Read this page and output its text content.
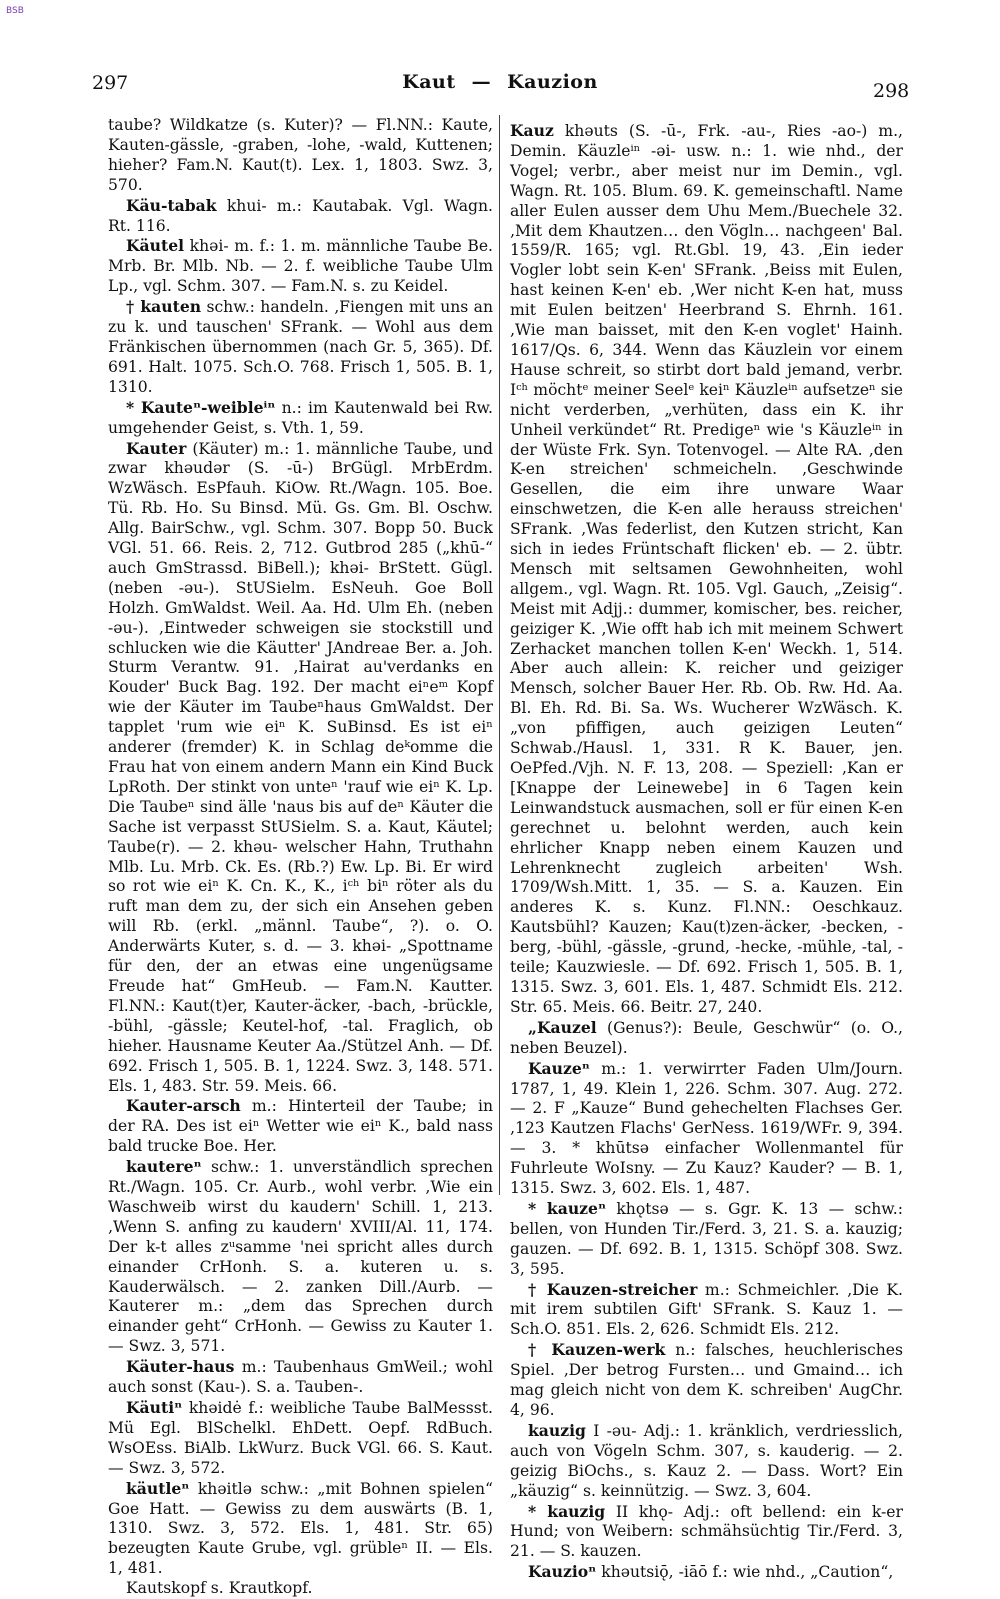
BSB
297	Kaut — Kauzion	298
taube? Wildkatze (s. Kuter)? — Fl.NN.: Kaute, Kauten-gässle, -graben, -lohe, -wald, Kuttenen; hieher? Fam.N. Kaut(t). Lex. 1, 1803. Swz. 3, 570.
Käu-tabak khui- m.: Kautabak. Vgl. Wagn. Rt. 116.
Käutel khəi- m. f.: 1. m. männliche Taube Be. Mrb. Br. Mlb. Nb. — 2. f. weibliche Taube Ulm Lp., vgl. Schm. 307. — Fam.N. s. zu Keidel.
† kauten schw.: handeln. ‚Fiengen mit uns an zu k. und tauschen' SFrank. — Wohl aus dem Fränkischen übernommen (nach Gr. 5, 365). Df. 691. Halt. 1075. Sch.O. 768. Frisch 1, 505. B. 1, 1310.
* Kauteⁿ-weibleⁱⁿ n.: im Kautenwald bei Rw. umgehender Geist, s. Vth. 1, 59.
Kauter (Käuter) m.: 1. männliche Taube, und zwar khəudər (S. -ū-) BrGügl. MrbErdm. WzWäsch. EsPfauh. KiOw. Rt./Wagn. 105. Boe. Tü. Rb. Ho. Su Binsd. Mü. Gs. Gm. Bl. Oschw. Allg. BairSchw., vgl. Schm. 307. Bopp 50. Buck VGl. 51. 66. Reis. 2, 712. Gutbrod 285 („khū-“ auch GmStrassd. BiBell.); khəi- BrStett. Gügl. (neben -əu-). StUSielm. EsNeuh. Goe Boll Holzh. GmWaldst. Weil. Aa. Hd. Ulm Eh. (neben -əu-). ‚Eintweder schweigen sie stockstill und schlucken wie die Käutter' JAndreae Ber. a. Joh. Sturm Verantw. 91. ‚Hairat au'verdanks en Kouder' Buck Bag. 192. Der macht eiⁿeᵐ Kopf wie der Käuter im Taubeⁿhaus GmWaldst. Der tapplet 'rum wie eiⁿ K. SuBinsd. Es ist eiⁿ anderer (fremder) K. in Schlag deᵏomme die Frau hat von einem andern Mann ein Kind Buck LpRoth. Der stinkt von unteⁿ 'rauf wie eiⁿ K. Lp. Die Taubeⁿ sind älle 'naus bis auf deⁿ Käuter die Sache ist verpasst StUSielm. S. a. Kaut, Käutel; Taube(r). — 2. khəu- welscher Hahn, Truthahn Mlb. Lu. Mrb. Ck. Es. (Rb.?) Ew. Lp. Bi. Er wird so rot wie eiⁿ K. Cn. K., K., iᶜʰ biⁿ röter als du ruft man dem zu, der sich ein Ansehen geben will Rb. (erkl. „männl. Taube“, ?). o. O. Anderwärts Kuter, s. d. — 3. khəi- „Spottname für den, der an etwas eine ungenügsame Freude hat“ GmHeub. — Fam.N. Kautter. Fl.NN.: Kaut(t)er, Kauter-äcker, -bach, -brückle, -bühl, -gässle; Keutel-hof, -tal. Fraglich, ob hieher. Hausname Keuter Aa./Stützel Anh. — Df. 692. Frisch 1, 505. B. 1, 1224. Swz. 3, 148. 571. Els. 1, 483. Str. 59. Meis. 66.
Kauter-arsch m.: Hinterteil der Taube; in der RA. Des ist eiⁿ Wetter wie eiⁿ K., bald nass bald trucke Boe. Her.
kautereⁿ schw.: 1. unverständlich sprechen Rt./Wagn. 105. Cr. Aurb., wohl verbr. ‚Wie ein Waschweib wirst du kaudern' Schill. 1, 213. ‚Wenn S. anfing zu kaudern' XVIII/Al. 11, 174. Der k-t alles zᵘsamme 'nei spricht alles durch einander CrHonh. S. a. kuteren u. s. Kauderwälsch. — 2. zanken Dill./Aurb. — Kauterer m.: „dem das Sprechen durch einander geht“ CrHonh. — Gewiss zu Kauter 1. — Swz. 3, 571.
Käuter-haus m.: Taubenhaus GmWeil.; wohl auch sonst (Kau-). S. a. Tauben-.
Käutiⁿ khəidė f.: weibliche Taube BalMessst. Mü Egl. BlSchelkl. EhDett. Oepf. RdBuch. WsOEss. BiAlb. LkWurz. Buck VGl. 66. S. Kaut. — Swz. 3, 572.
käutleⁿ khəitlə schw.: „mit Bohnen spielen“ Goe Hatt. — Gewiss zu dem auswärts (B. 1, 1310. Swz. 3, 572. Els. 1, 481. Str. 65) bezeugten Kaute Grube, vgl. grübleⁿ II. — Els. 1, 481.
Kautskopf s. Krautkopf.
Kauz khəuts (S. -ū-, Frk. -au-, Ries -ao-) m., Demin. Käuzleⁱⁿ -əi- usw. n.: 1. wie nhd., der Vogel; verbr., aber meist nur im Demin., vgl. Wagn. Rt. 105. Blum. 69. K. gemeinschaftl. Name aller Eulen ausser dem Uhu Mem./Buechele 32. ‚Mit dem Khautzen… den Vögln… nachgeen' Bal. 1559/R. 165; vgl. Rt.Gbl. 19, 43. ‚Ein ieder Vogler lobt sein K-en' SFrank. ‚Beiss mit Eulen, hast keinen K-en' eb. ‚Wer nicht K-en hat, muss mit Eulen beitzen' Heerbrand S. Ehrnh. 161. ‚Wie man baisset, mit den K-en voglet' Hainh. 1617/Qs. 6, 344. Wenn das Käuzlein vor einem Hause schreit, so stirbt dort bald jemand, verbr. Iᶜʰ möchtᵉ meiner Seelᵉ keiⁿ Käuzleⁱⁿ aufsetzeⁿ sie nicht verderben, „verhüten, dass ein K. ihr Unheil verkündet“ Rt. Predigeⁿ wie 's Käuzleⁱⁿ in der Wüste Frk. Syn. Totenvogel. — Alte RA. ‚den K-en streichen' schmeicheln. ‚Geschwinde Gesellen, die eim ihre unware Waar einschwetzen, die K-en alle herauss streichen' SFrank. ‚Was federlist, den Kutzen stricht, Kan sich in iedes Früntschaft flicken' eb. — 2. übtr. Mensch mit seltsamen Gewohnheiten, wohl allgem., vgl. Wagn. Rt. 105. Vgl. Gauch, „Zeisig“. Meist mit Adjj.: dummer, komischer, bes. reicher, geiziger K. ‚Wie offt hab ich mit meinem Schwert Zerhacket manchen tollen K-en' Weckh. 1, 514. Aber auch allein: K. reicher und geiziger Mensch, solcher Bauer Her. Rb. Ob. Rw. Hd. Aa. Bl. Eh. Rd. Bi. Sa. Ws. Wucherer WzWäsch. K. „von pfiffigen, auch geizigen Leuten“ Schwab./Hausl. 1, 331. R K. Bauer, jen. OePfed./Vjh. N. F. 13, 208. — Speziell: ‚Kan er [Knappe der Leinewebe] in 6 Tagen kein Leinwandstuck ausmachen, soll er für einen K-en gerechnet u. belohnt werden, auch kein ehrlicher Knapp neben einem Kauzen und Lehrenknecht zugleich arbeiten' Wsh. 1709/Wsh.Mitt. 1, 35. — S. a. Kauzen. Ein anderes K. s. Kunz. Fl.NN.: Oeschkauz. Kautsbühl? Kauzen; Kau(t)zen-äcker, -becken, -berg, -bühl, -gässle, -grund, -hecke, -mühle, -tal, -teile; Kauzwiesle. — Df. 692. Frisch 1, 505. B. 1, 1315. Swz. 3, 601. Els. 1, 487. Schmidt Els. 212. Str. 65. Meis. 66. Beitr. 27, 240.
„Kauzel (Genus?): Beule, Geschwür“ (o. O., neben Beuzel).
Kauzeⁿ m.: 1. verwirrter Faden Ulm/Journ. 1787, 1, 49. Klein 1, 226. Schm. 307. Aug. 272. — 2. F „Kauze“ Bund gehechelten Flachses Ger. ‚123 Kautzen Flachs' GerNess. 1619/WFr. 9, 394. — 3. * khūtsə einfacher Wollenmantel für Fuhrleute WoIsny. — Zu Kauz? Kauder? — B. 1, 1315. Swz. 3, 602. Els. 1, 487.
* kauzeⁿ khǫtsə — s. Ggr. K. 13 — schw.: bellen, von Hunden Tir./Ferd. 3, 21. S. a. kauzig; gauzen. — Df. 692. B. 1, 1315. Schöpf 308. Swz. 3, 595.
† Kauzen-streicher m.: Schmeichler. ‚Die K. mit irem subtilen Gift' SFrank. S. Kauz 1. — Sch.O. 851. Els. 2, 626. Schmidt Els. 212.
† Kauzen-werk n.: falsches, heuchlerisches Spiel. ‚Der betrog Fursten… und Gmaind… ich mag gleich nicht von dem K. schreiben' AugChr. 4, 96.
kauzig I -əu- Adj.: 1. kränklich, verdriesslich, auch von Vögeln Schm. 307, s. kauderig. — 2. geizig BiOchs., s. Kauz 2. — Dass. Wort? Ein „käuzig“ s. keinnützig. — Swz. 3, 604.
* kauzig II khǫ- Adj.: oft bellend: ein k-er Hund; von Weibern: schmähsüchtig Tir./Ferd. 3, 21. — S. kauzen.
Kauzioⁿ khəutsiǭ, -iāō f.: wie nhd., „Caution“,
